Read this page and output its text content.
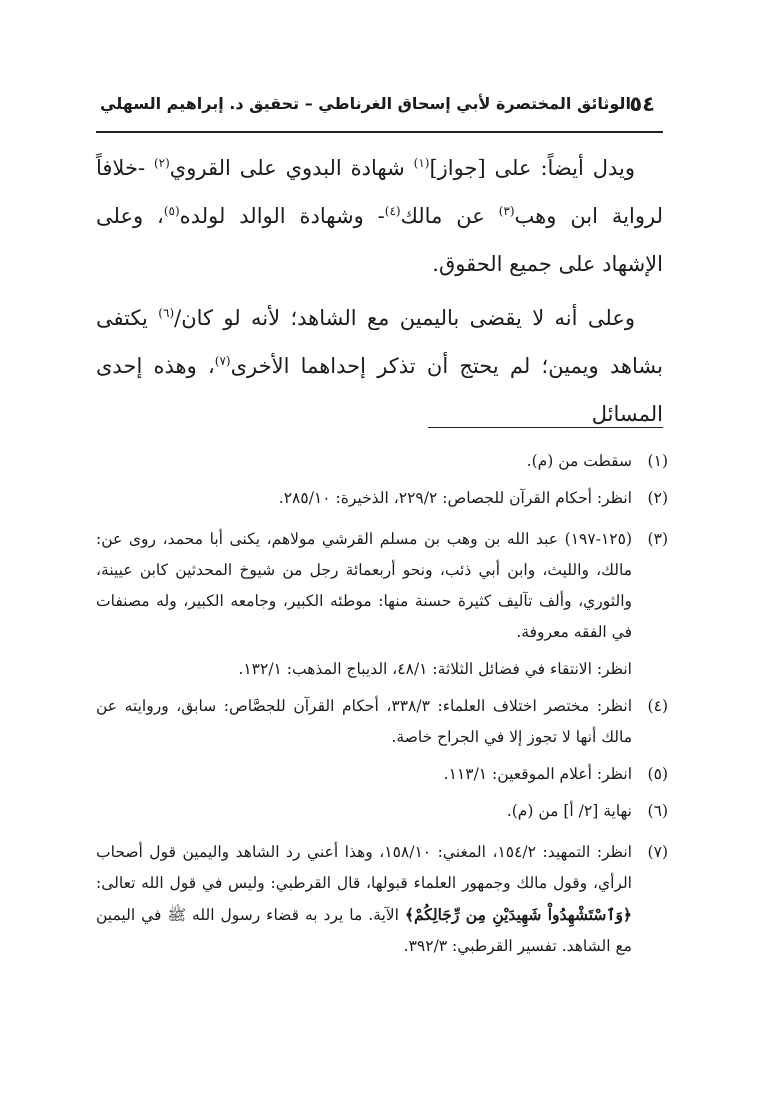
٥٤
الوثائق المختصرة لأبي إسحاق الغرناطي – تحقيق د. إبراهيم السهلي

ويدل أيضاً: على [جواز]$^{(١)}$ شهادة البدوي على القروي$^{(٢)}$ -خلافاً لرواية ابن وهب$^{(٣)}$ عن مالك$^{(٤)}$- وشهادة الوالد لولده$^{(٥)}$، وعلى الإشهاد على جميع الحقوق.

وعلى أنه لا يقضى باليمين مع الشاهد؛ لأنه لو كان/$^{(٦)}$ يكتفى بشاهد ويمين؛ لم يحتج أن تذكر إحداهما الأخرى$^{(٧)}$، وهذه إحدى المسائل

(١)
سقطت من (م).
(٢)
انظر: أحكام القرآن للجصاص: ٢٢٩/٢، الذخيرة: ٢٨٥/١٠.
(٣)
(١٢٥-١٩٧) عبد الله بن وهب بن مسلم القرشي مولاهم، يكنى أبا محمد، روى عن: مالك، والليث، وابن أبي ذئب، ونحو أربعمائة رجل من شيوخ المحدثين كابن عيينة، والثوري، وألف تآليف كثيرة حسنة منها: موطئه الكبير، وجامعه الكبير، وله مصنفات في الفقه معروفة.
انظر: الانتقاء في فضائل الثلاثة: ٤٨/١، الديباج المذهب: ١٣٢/١.
(٤)
انظر: مختصر اختلاف العلماء: ٣٣٨/٣، أحكام القرآن للجصَّاص: سابق، وروايته عن مالك أنها لا تجوز إلا في الجراح خاصة.
(٥)
انظر: أعلام الموقعين: ١١٣/١.
(٦)
نهاية [٢/ أ] من (م).
(٧)
انظر: التمهيد: ١٥٤/٢، المغني: ١٥٨/١٠، وهذا أعني رد الشاهد واليمين قول أصحاب الرأي، وقول مالك وجمهور العلماء قبولها، قال القرطبي: وليس في قول الله تعالى: ﴿وَٱسْتَشْهِدُواْ شَهِيدَيْنِ مِن رِّجَالِكُمْ﴾ الآية. ما يرد به قضاء رسول الله ﷺ في اليمين مع الشاهد. تفسير القرطبي: ٣٩٢/٣.
